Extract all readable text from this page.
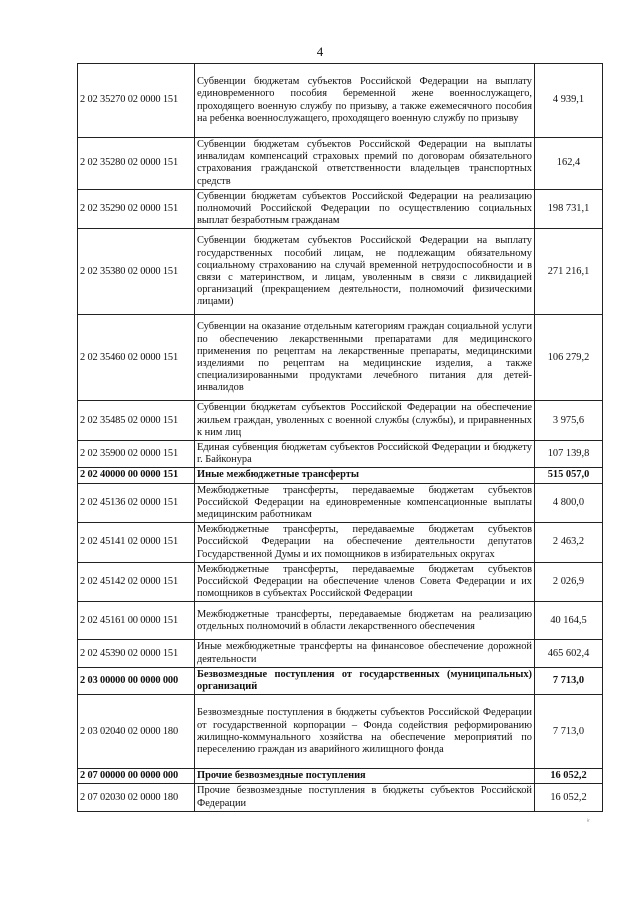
4
2 02 35270 02 0000 151	Субвенции бюджетам субъектов Российской Федерации на выплату единовременного пособия беременной жене военнослужащего, проходящего военную службу по призыву, а также ежемесячного пособия на ребенка военнослужащего, проходящего военную службу по призыву	4 939,1
2 02 35280 02 0000 151	Субвенции бюджетам субъектов Российской Федерации на выплаты инвалидам компенсаций страховых премий по договорам обязательного страхования гражданской ответственности владельцев транспортных средств	162,4
2 02 35290 02 0000 151	Субвенции бюджетам субъектов Российской Федерации на реализацию полномочий Российской Федерации по осуществлению социальных выплат безработным гражданам	198 731,1
2 02 35380 02 0000 151	Субвенции бюджетам субъектов Российской Федерации на выплату государственных пособий лицам, не подлежащим обязательному социальному страхованию на случай временной нетрудоспособности и в связи с материнством, и лицам, уволенным в связи с ликвидацией организаций (прекращением деятельности, полномочий физическими лицами)	271 216,1
2 02 35460 02 0000 151	Субвенции на оказание отдельным категориям граждан социальной услуги по обеспечению лекарственными препаратами для медицинского применения по рецептам на лекарственные препараты, медицинскими изделиями по рецептам на медицинские изделия, а также специализированными продуктами лечебного питания для детей-инвалидов	106 279,2
2 02 35485 02 0000 151	Субвенции бюджетам субъектов Российской Федерации на обеспечение жильем граждан, уволенных с военной службы (службы), и приравненных к ним лиц	3 975,6
2 02 35900 02 0000 151	Единая субвенция бюджетам субъектов Российской Федерации и бюджету г. Байконура	107 139,8
2 02 40000 00 0000 151	Иные межбюджетные трансферты	515 057,0
2 02 45136 02 0000 151	Межбюджетные трансферты, передаваемые бюджетам субъектов Российской Федерации на единовременные компенсационные выплаты медицинским работникам	4 800,0
2 02 45141 02 0000 151	Межбюджетные трансферты, передаваемые бюджетам субъектов Российской Федерации на обеспечение деятельности депутатов Государственной Думы и их помощников в избирательных округах	2 463,2
2 02 45142 02 0000 151	Межбюджетные трансферты, передаваемые бюджетам субъектов Российской Федерации на обеспечение членов Совета Федерации и их помощников в субъектах Российской Федерации	2 026,9
2 02 45161 00 0000 151	Межбюджетные трансферты, передаваемые бюджетам на реализацию отдельных полномочий в области лекарственного обеспечения	40 164,5
2 02 45390 02 0000 151	Иные межбюджетные трансферты на финансовое обеспечение дорожной деятельности	465 602,4
2 03 00000 00 0000 000	Безвозмездные поступления от государственных (муниципальных) организаций	7 713,0
2 03 02040 02 0000 180	Безвозмездные поступления в бюджеты субъектов Российской Федерации от государственной корпорации – Фонда содействия реформированию жилищно-коммунального хозяйства на обеспечение мероприятий по переселению граждан из аварийного жилищного фонда	7 713,0
2 07 00000 00 0000 000	Прочие безвозмездные поступления	16 052,2
2 07 02030 02 0000 180	Прочие безвозмездные поступления в бюджеты субъектов Российской Федерации	16 052,2
ᵢᵣ
